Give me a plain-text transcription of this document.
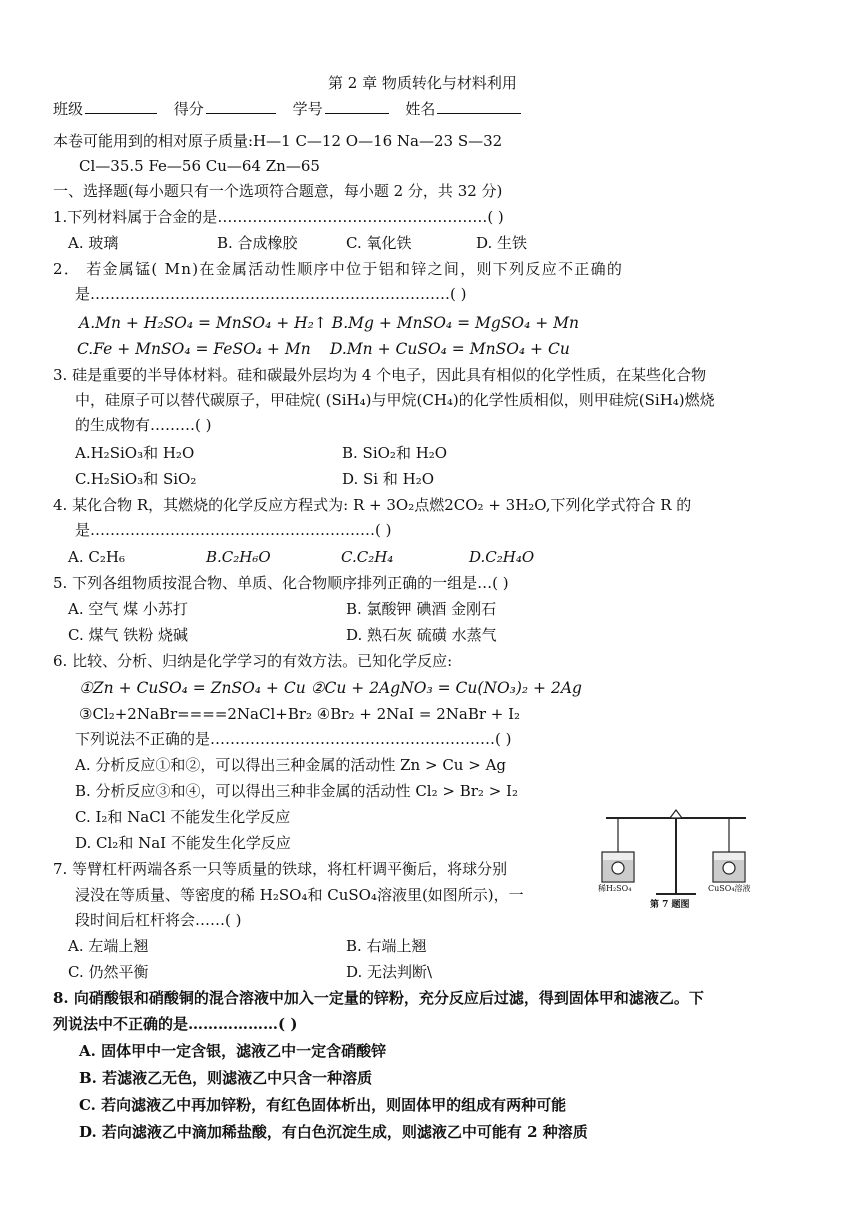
第 2 章 物质转化与材料利用
班级	得分	学号	姓名
本卷可能用到的相对原子质量:H—1 C—12 O—16 Na—23 S—32
Cl—35.5 Fe—56 Cu—64 Zn—65
一、选择题(每小题只有一个选项符合题意，每小题 2 分，共 32 分)
1.下列材料属于合金的是………………………………………………( )
A. 玻璃	B. 合成橡胶	C. 氧化铁	D. 生铁
2． 若金属锰( Mn)在金属活动性顺序中位于铝和锌之间，则下列反应不正确的
是………………………………………………………………( )
A.Mn + H₂SO₄ = MnSO₄ + H₂↑ B.Mg + MnSO₄ = MgSO₄ + Mn
C.Fe + MnSO₄ = FeSO₄ + Mn D.Mn + CuSO₄ = MnSO₄ + Cu
3. 硅是重要的半导体材料。硅和碳最外层均为 4 个电子，因此具有相似的化学性质，在某些化合物
中，硅原子可以替代碳原子，甲硅烷( (SiH₄)与甲烷(CH₄)的化学性质相似，则甲硅烷(SiH₄)燃烧
的生成物有………( )
A.H₂SiO₃和 H₂O	B. SiO₂和 H₂O
C.H₂SiO₃和 SiO₂	D. Si 和 H₂O
4. 某化合物 R，其燃烧的化学反应方程式为: R + 3O₂点燃2CO₂ + 3H₂O,下列化学式符合 R 的
是…………………………………………………( )
A. C₂H₆	B.C₂H₆O	C.C₂H₄	D.C₂H₄O
5. 下列各组物质按混合物、单质、化合物顺序排列正确的一组是…( )
A. 空气 煤 小苏打	B. 氯酸钾 碘酒 金刚石
C. 煤气 铁粉 烧碱	D. 熟石灰 硫磺 水蒸气
6. 比较、分析、归纳是化学学习的有效方法。已知化学反应:
①Zn + CuSO₄ = ZnSO₄ + Cu ②Cu + 2AgNO₃ = Cu(NO₃)₂ + 2Ag
③Cl₂+2NaBr====2NaCl+Br₂ ④Br₂ + 2NaI = 2NaBr + I₂
下列说法不正确的是…………………………………………………( )
A. 分析反应①和②，可以得出三种金属的活动性 Zn > Cu > Ag
B. 分析反应③和④，可以得出三种非金属的活动性 Cl₂ > Br₂ > I₂
C. I₂和 NaCl 不能发生化学反应
D. Cl₂和 NaI 不能发生化学反应
稀H₂SO₄	CuSO₄溶液
第 7 题图
7. 等臂杠杆两端各系一只等质量的铁球，将杠杆调平衡后，将球分别
浸没在等质量、等密度的稀 H₂SO₄和 CuSO₄溶液里(如图所示)，一
段时间后杠杆将会……( )
A. 左端上翘	B. 右端上翘
C. 仍然平衡	D. 无法判断\
8. 向硝酸银和硝酸铜的混合溶液中加入一定量的锌粉，充分反应后过滤，得到固体甲和滤液乙。下
列说法中不正确的是………………( )
A. 固体甲中一定含银，滤液乙中一定含硝酸锌
B. 若滤液乙无色，则滤液乙中只含一种溶质
C. 若向滤液乙中再加锌粉，有红色固体析出，则固体甲的组成有两种可能
D. 若向滤液乙中滴加稀盐酸，有白色沉淀生成，则滤液乙中可能有 2 种溶质
